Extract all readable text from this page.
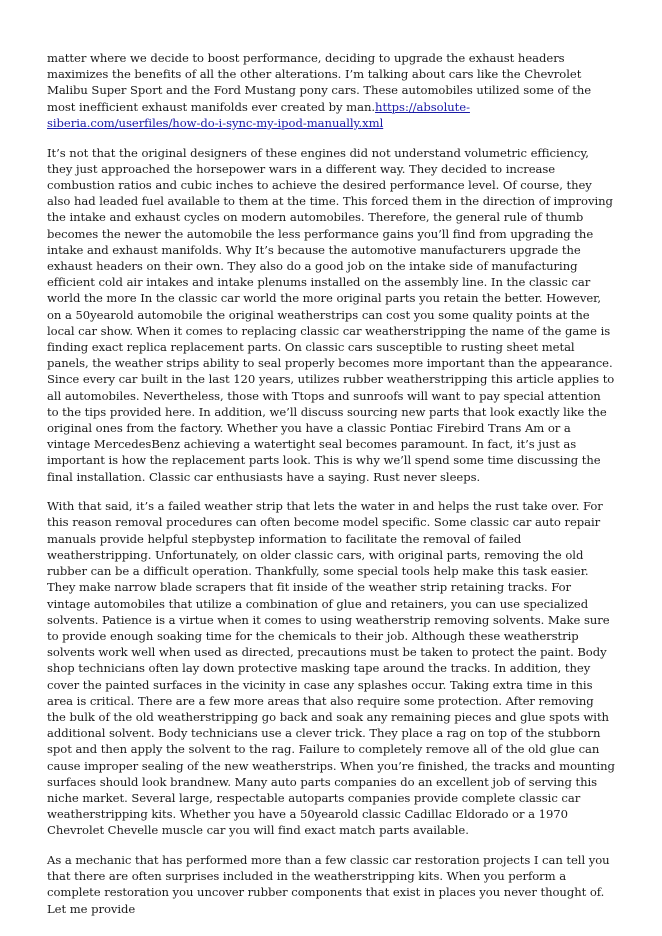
matter where we decide to boost performance, deciding to upgrade the exhaust headers maximizes the benefits of all the other alterations. I’m talking about cars like the Chevrolet Malibu Super Sport and the Ford Mustang pony cars. These automobiles utilized some of the most inefficient exhaust manifolds ever created by man.https://absolute-siberia.com/userfiles/how-do-i-sync-my-ipod-manually.xml

It’s not that the original designers of these engines did not understand volumetric efficiency, they just approached the horsepower wars in a different way. They decided to increase combustion ratios and cubic inches to achieve the desired performance level. Of course, they also had leaded fuel available to them at the time. This forced them in the direction of improving the intake and exhaust cycles on modern automobiles. Therefore, the general rule of thumb becomes the newer the automobile the less performance gains you’ll find from upgrading the intake and exhaust manifolds. Why It’s because the automotive manufacturers upgrade the exhaust headers on their own. They also do a good job on the intake side of manufacturing efficient cold air intakes and intake plenums installed on the assembly line. In the classic car world the more In the classic car world the more original parts you retain the better. However, on a 50yearold automobile the original weatherstrips can cost you some quality points at the local car show. When it comes to replacing classic car weatherstripping the name of the game is finding exact replica replacement parts. On classic cars susceptible to rusting sheet metal panels, the weather strips ability to seal properly becomes more important than the appearance. Since every car built in the last 120 years, utilizes rubber weatherstripping this article applies to all automobiles. Nevertheless, those with Ttops and sunroofs will want to pay special attention to the tips provided here. In addition, we’ll discuss sourcing new parts that look exactly like the original ones from the factory. Whether you have a classic Pontiac Firebird Trans Am or a vintage MercedesBenz achieving a watertight seal becomes paramount. In fact, it’s just as important is how the replacement parts look. This is why we’ll spend some time discussing the final installation. Classic car enthusiasts have a saying. Rust never sleeps.

With that said, it’s a failed weather strip that lets the water in and helps the rust take over. For this reason removal procedures can often become model specific. Some classic car auto repair manuals provide helpful stepbystep information to facilitate the removal of failed weatherstripping. Unfortunately, on older classic cars, with original parts, removing the old rubber can be a difficult operation. Thankfully, some special tools help make this task easier. They make narrow blade scrapers that fit inside of the weather strip retaining tracks. For vintage automobiles that utilize a combination of glue and retainers, you can use specialized solvents. Patience is a virtue when it comes to using weatherstrip removing solvents. Make sure to provide enough soaking time for the chemicals to their job. Although these weatherstrip solvents work well when used as directed, precautions must be taken to protect the paint. Body shop technicians often lay down protective masking tape around the tracks. In addition, they cover the painted surfaces in the vicinity in case any splashes occur. Taking extra time in this area is critical. There are a few more areas that also require some protection. After removing the bulk of the old weatherstripping go back and soak any remaining pieces and glue spots with additional solvent. Body technicians use a clever trick. They place a rag on top of the stubborn spot and then apply the solvent to the rag. Failure to completely remove all of the old glue can cause improper sealing of the new weatherstrips. When you’re finished, the tracks and mounting surfaces should look brandnew. Many auto parts companies do an excellent job of serving this niche market. Several large, respectable autoparts companies provide complete classic car weatherstripping kits. Whether you have a 50yearold classic Cadillac Eldorado or a 1970 Chevrolet Chevelle muscle car you will find exact match parts available.

As a mechanic that has performed more than a few classic car restoration projects I can tell you that there are often surprises included in the weatherstripping kits. When you perform a complete restoration you uncover rubber components that exist in places you never thought of. Let me provide
